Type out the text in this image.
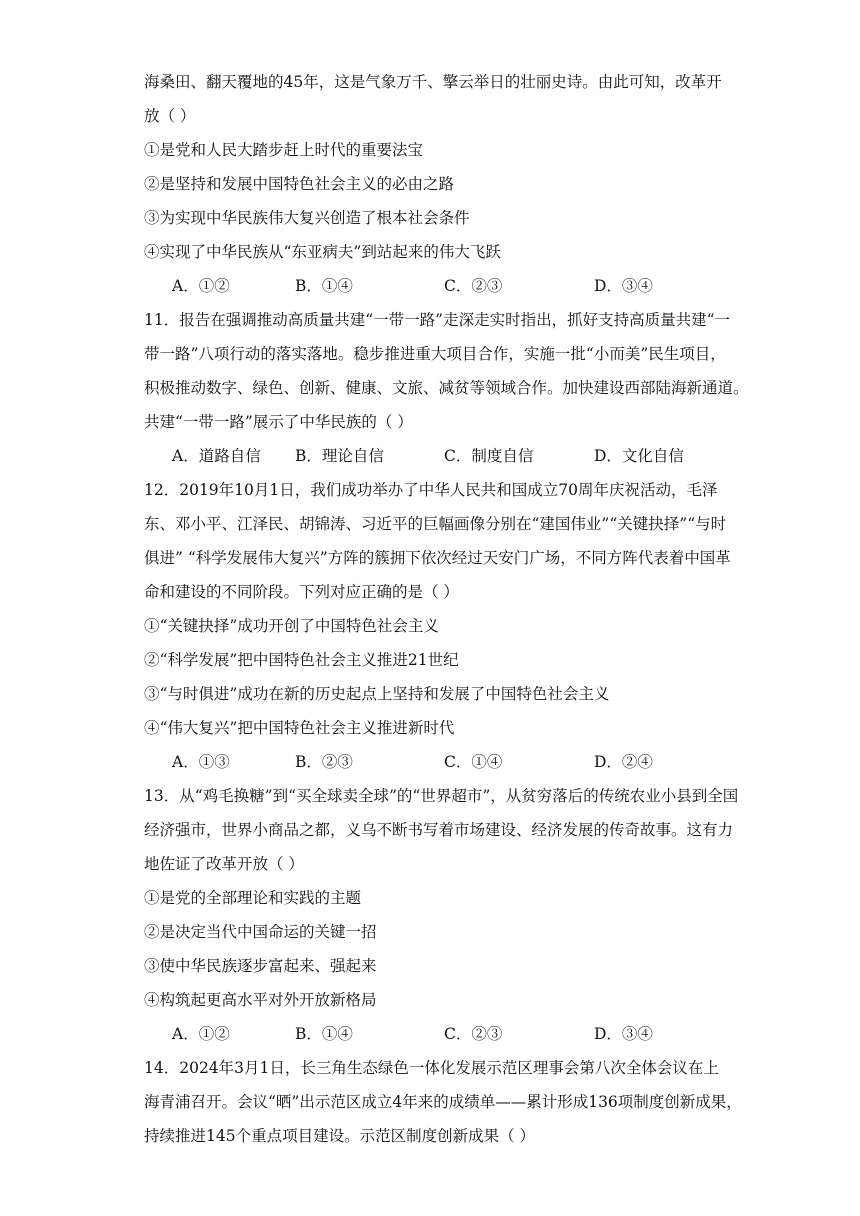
海桑田、翻天覆地的45年，这是气象万千、擎云举日的壮丽史诗。由此可知，改革开
放（ ）
①是党和人民大踏步赶上时代的重要法宝
②是坚持和发展中国特色社会主义的必由之路
③为实现中华民族伟大复兴创造了根本社会条件
④实现了中华民族从“东亚病夫”到站起来的伟大飞跃
A．①②	B．①④	C．②③	D．③④
11．报告在强调推动高质量共建“一带一路”走深走实时指出，抓好支持高质量共建“一
带一路”八项行动的落实落地。稳步推进重大项目合作，实施一批“小而美”民生项目，
积极推动数字、绿色、创新、健康、文旅、减贫等领域合作。加快建设西部陆海新通道。
共建“一带一路”展示了中华民族的（ ）
A．道路自信 B．理论自信	C．制度自信	D．文化自信
12．2019年10月1日，我们成功举办了中华人民共和国成立70周年庆祝活动，毛泽
东、邓小平、江泽民、胡锦涛、习近平的巨幅画像分别在“建国伟业”“关键抉择”“与时
俱进” “科学发展伟大复兴”方阵的簇拥下依次经过天安门广场，不同方阵代表着中国革
命和建设的不同阶段。下列对应正确的是（ ）
①“关键抉择”成功开创了中国特色社会主义
②“科学发展”把中国特色社会主义推进21世纪
③“与时俱进”成功在新的历史起点上坚持和发展了中国特色社会主义
④“伟大复兴”把中国特色社会主义推进新时代
A．①③	B．②③	C．①④	D．②④
13．从“鸡毛换糖”到“买全球卖全球”的“世界超市”，从贫穷落后的传统农业小县到全国
经济强市，世界小商品之都，义乌不断书写着市场建设、经济发展的传奇故事。这有力
地佐证了改革开放（ ）
①是党的全部理论和实践的主题
②是决定当代中国命运的关键一招
③使中华民族逐步富起来、强起来
④构筑起更高水平对外开放新格局
A．①②	B．①④	C．②③	D．③④
14．2024年3月1日，长三角生态绿色一体化发展示范区理事会第八次全体会议在上
海青浦召开。会议“晒”出示范区成立4年来的成绩单——累计形成136项制度创新成果，
持续推进145个重点项目建设。示范区制度创新成果（ ）
